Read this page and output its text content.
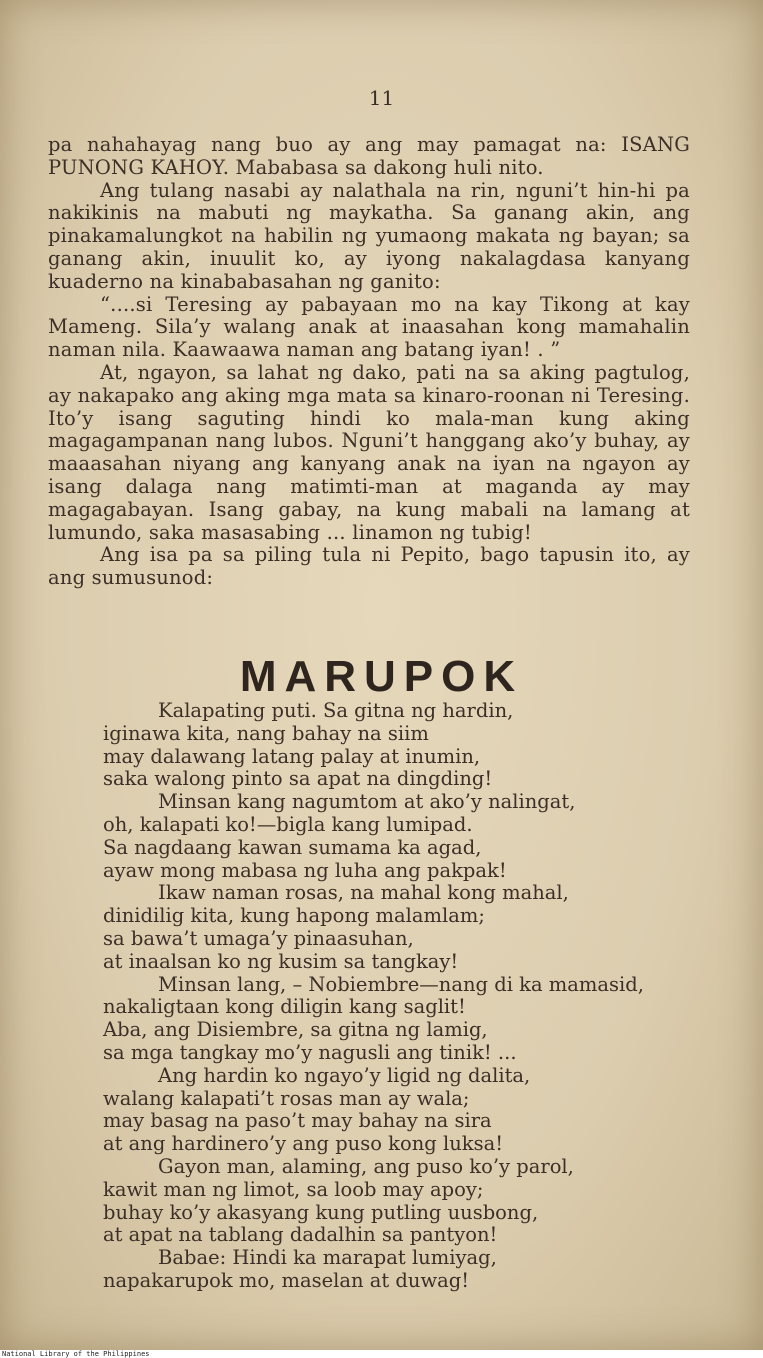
11

pa nahahayag nang buo ay ang may pamagat na: ISANG PUNONG KAHOY. Mababasa sa dakong huli nito.

Ang tulang nasabi ay nalathala na rin, nguni’t hin-hi pa nakikinis na mabuti ng maykatha. Sa ganang akin, ang pinakamalungkot na habilin ng yumaong makata ng bayan; sa ganang akin, inuulit ko, ay iyong nakalagdasa kanyang kuaderno na kinababasahan ng ganito:

“....si Teresing ay pabayaan mo na kay Tikong at kay Mameng. Sila’y walang anak at inaasahan kong mamahalin naman nila. Kaawaawa naman ang batang iyan! . ”

At, ngayon, sa lahat ng dako, pati na sa aking pagtulog, ay nakapako ang aking mga mata sa kinaro-roonan ni Teresing. Ito’y isang saguting hindi ko mala-man kung aking magagampanan nang lubos. Nguni’t hanggang ako’y buhay, ay maaasahan niyang ang kanyang anak na iyan na ngayon ay isang dalaga nang matimti-man at maganda ay may magagabayan. Isang gabay, na kung mabali na lamang at lumundo, saka masasabing ... linamon ng tubig!

Ang isa pa sa piling tula ni Pepito, bago tapusin ito, ay ang sumusunod:

MARUPOK
Kalapating puti. Sa gitna ng hardin,
iginawa kita, nang bahay na siim
may dalawang latang palay at inumin,
saka walong pinto sa apat na dingding!
Minsan kang nagumtom at ako’y nalingat,
oh, kalapati ko!—bigla kang lumipad.
Sa nagdaang kawan sumama ka agad,
ayaw mong mabasa ng luha ang pakpak!
Ikaw naman rosas, na mahal kong mahal,
dinidilig kita, kung hapong malamlam;
sa bawa’t umaga’y pinaasuhan,
at inaalsan ko ng kusim sa tangkay!
Minsan lang, – Nobiembre—nang di ka mamasid,
nakaligtaan kong diligin kang saglit!
Aba, ang Disiembre, sa gitna ng lamig,
sa mga tangkay mo’y nagusli ang tinik! ...
Ang hardin ko ngayo’y ligid ng dalita,
walang kalapati’t rosas man ay wala;
may basag na paso’t may bahay na sira
at ang hardinero’y ang puso kong luksa!
Gayon man, alaming, ang puso ko’y parol,
kawit man ng limot, sa loob may apoy;
buhay ko’y akasyang kung putling uusbong,
at apat na tablang dadalhin sa pantyon!
Babae: Hindi ka marapat lumiyag,
napakarupok mo, maselan at duwag!
National Library of the Philippines
